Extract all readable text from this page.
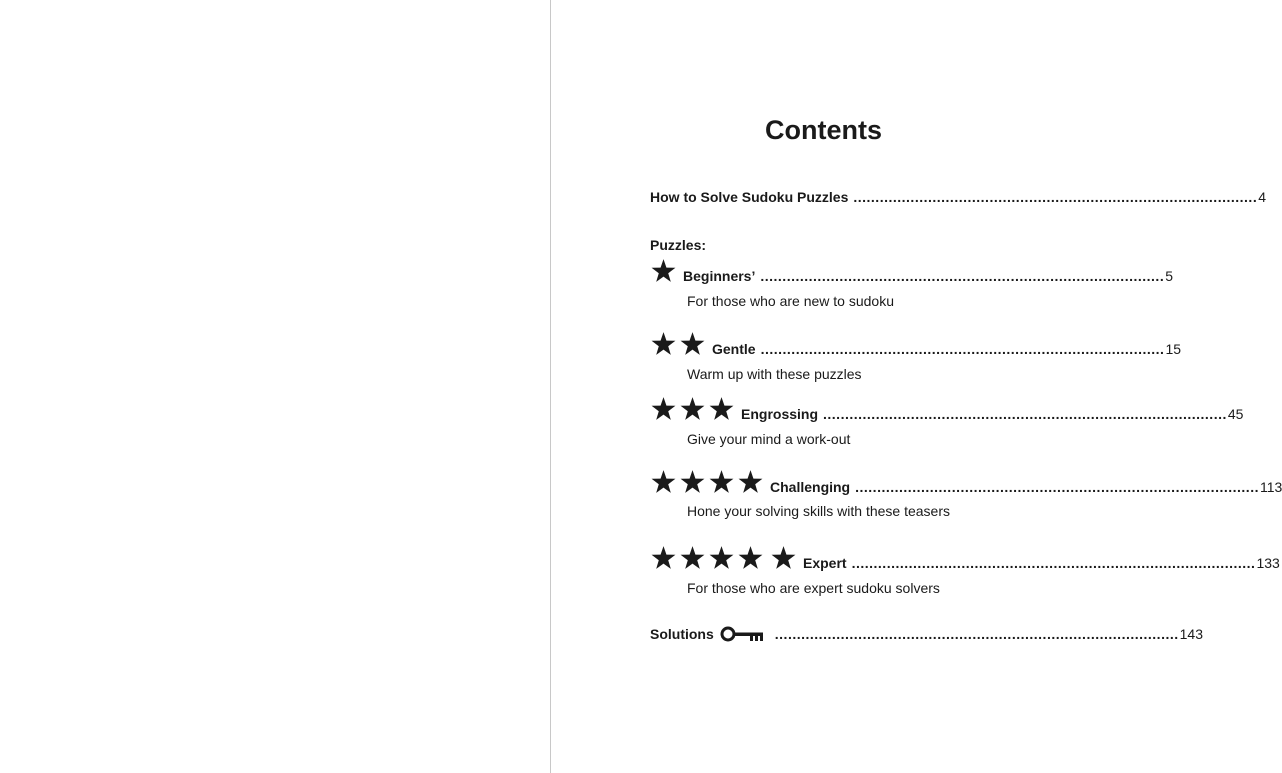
Contents
How to Solve Sudoku Puzzles ............................................................................................ 4
Puzzles:
Beginners’ ............................................................................................ 5
For those who are new to sudoku
Gentle ............................................................................................ 15
Warm up with these puzzles
Engrossing ............................................................................................ 45
Give your mind a work-out
Challenging ............................................................................................ 113
Hone your solving skills with these teasers
Expert ............................................................................................ 133
For those who are expert sudoku solvers
Solutions	............................................................................................ 143
